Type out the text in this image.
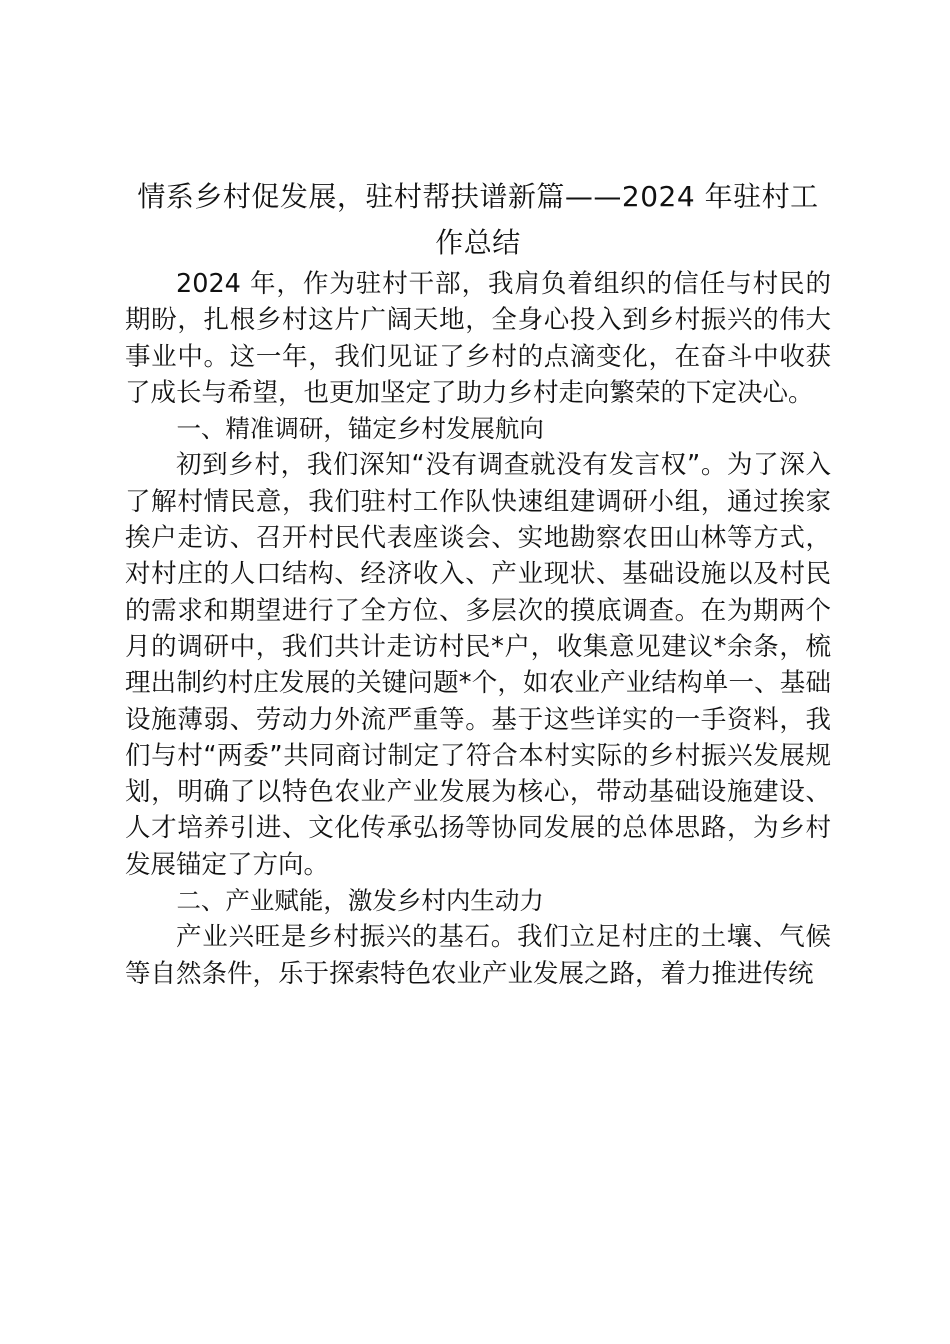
情系乡村促发展，驻村帮扶谱新篇——2024 年驻村工
作总结

2024 年，作为驻村干部，我肩负着组织的信任与村民的期盼，扎根乡村这片广阔天地，全身心投入到乡村振兴的伟大事业中。这一年，我们见证了乡村的点滴变化，在奋斗中收获了成长与希望，也更加坚定了助力乡村走向繁荣的下定决心。

一、精准调研，锚定乡村发展航向

初到乡村，我们深知“没有调查就没有发言权”。为了深入了解村情民意，我们驻村工作队快速组建调研小组，通过挨家挨户走访、召开村民代表座谈会、实地勘察农田山林等方式，对村庄的人口结构、经济收入、产业现状、基础设施以及村民的需求和期望进行了全方位、多层次的摸底调查。在为期两个月的调研中，我们共计走访村民*户，收集意见建议*余条，梳理出制约村庄发展的关键问题*个，如农业产业结构单一、基础设施薄弱、劳动力外流严重等。基于这些详实的一手资料，我们与村“两委”共同商讨制定了符合本村实际的乡村振兴发展规划，明确了以特色农业产业发展为核心，带动基础设施建设、人才培养引进、文化传承弘扬等协同发展的总体思路，为乡村发展锚定了方向。

二、产业赋能，激发乡村内生动力

产业兴旺是乡村振兴的基石。我们立足村庄的土壤、气候等自然条件，乐于探索特色农业产业发展之路，着力推进传统
